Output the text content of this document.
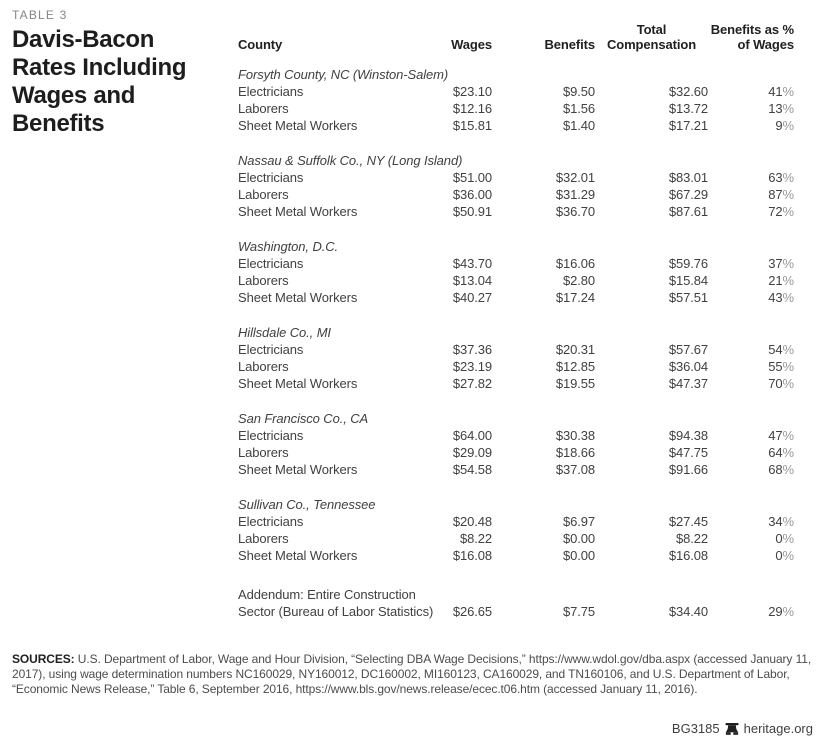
TABLE 3
Davis-Bacon Rates Including Wages and Benefits
County	Wages	Benefits	Total Compensation	Benefits as % of Wages
Forsyth County, NC (Winston-Salem)				
Electricians	$23.10	$9.50	$32.60	41%
Laborers	$12.16	$1.56	$13.72	13%
Sheet Metal Workers	$15.81	$1.40	$17.21	9%

Nassau & Suffolk Co., NY (Long Island)				
Electricians	$51.00	$32.01	$83.01	63%
Laborers	$36.00	$31.29	$67.29	87%
Sheet Metal Workers	$50.91	$36.70	$87.61	72%

Washington, D.C.				
Electricians	$43.70	$16.06	$59.76	37%
Laborers	$13.04	$2.80	$15.84	21%
Sheet Metal Workers	$40.27	$17.24	$57.51	43%

Hillsdale Co., MI				
Electricians	$37.36	$20.31	$57.67	54%
Laborers	$23.19	$12.85	$36.04	55%
Sheet Metal Workers	$27.82	$19.55	$47.37	70%

San Francisco Co., CA				
Electricians	$64.00	$30.38	$94.38	47%
Laborers	$29.09	$18.66	$47.75	64%
Sheet Metal Workers	$54.58	$37.08	$91.66	68%

Sullivan Co., Tennessee				
Electricians	$20.48	$6.97	$27.45	34%
Laborers	$8.22	$0.00	$8.22	0%
Sheet Metal Workers	$16.08	$0.00	$16.08	0%

Addendum: Entire Construction Sector (Bureau of Labor Statistics)	$26.65	$7.75	$34.40	29%

SOURCES: U.S. Department of Labor, Wage and Hour Division, “Selecting DBA Wage Decisions,” https://www.wdol.gov/dba.aspx (accessed January 11, 2017), using wage determination numbers NC160029, NY160012, DC160002, MI160123, CA160029, and TN160106, and U.S. Department of Labor, “Economic News Release,” Table 6, September 2016, https://www.bls.gov/news.release/ecec.t06.htm (accessed January 11, 2016).

BG3185 heritage.org
